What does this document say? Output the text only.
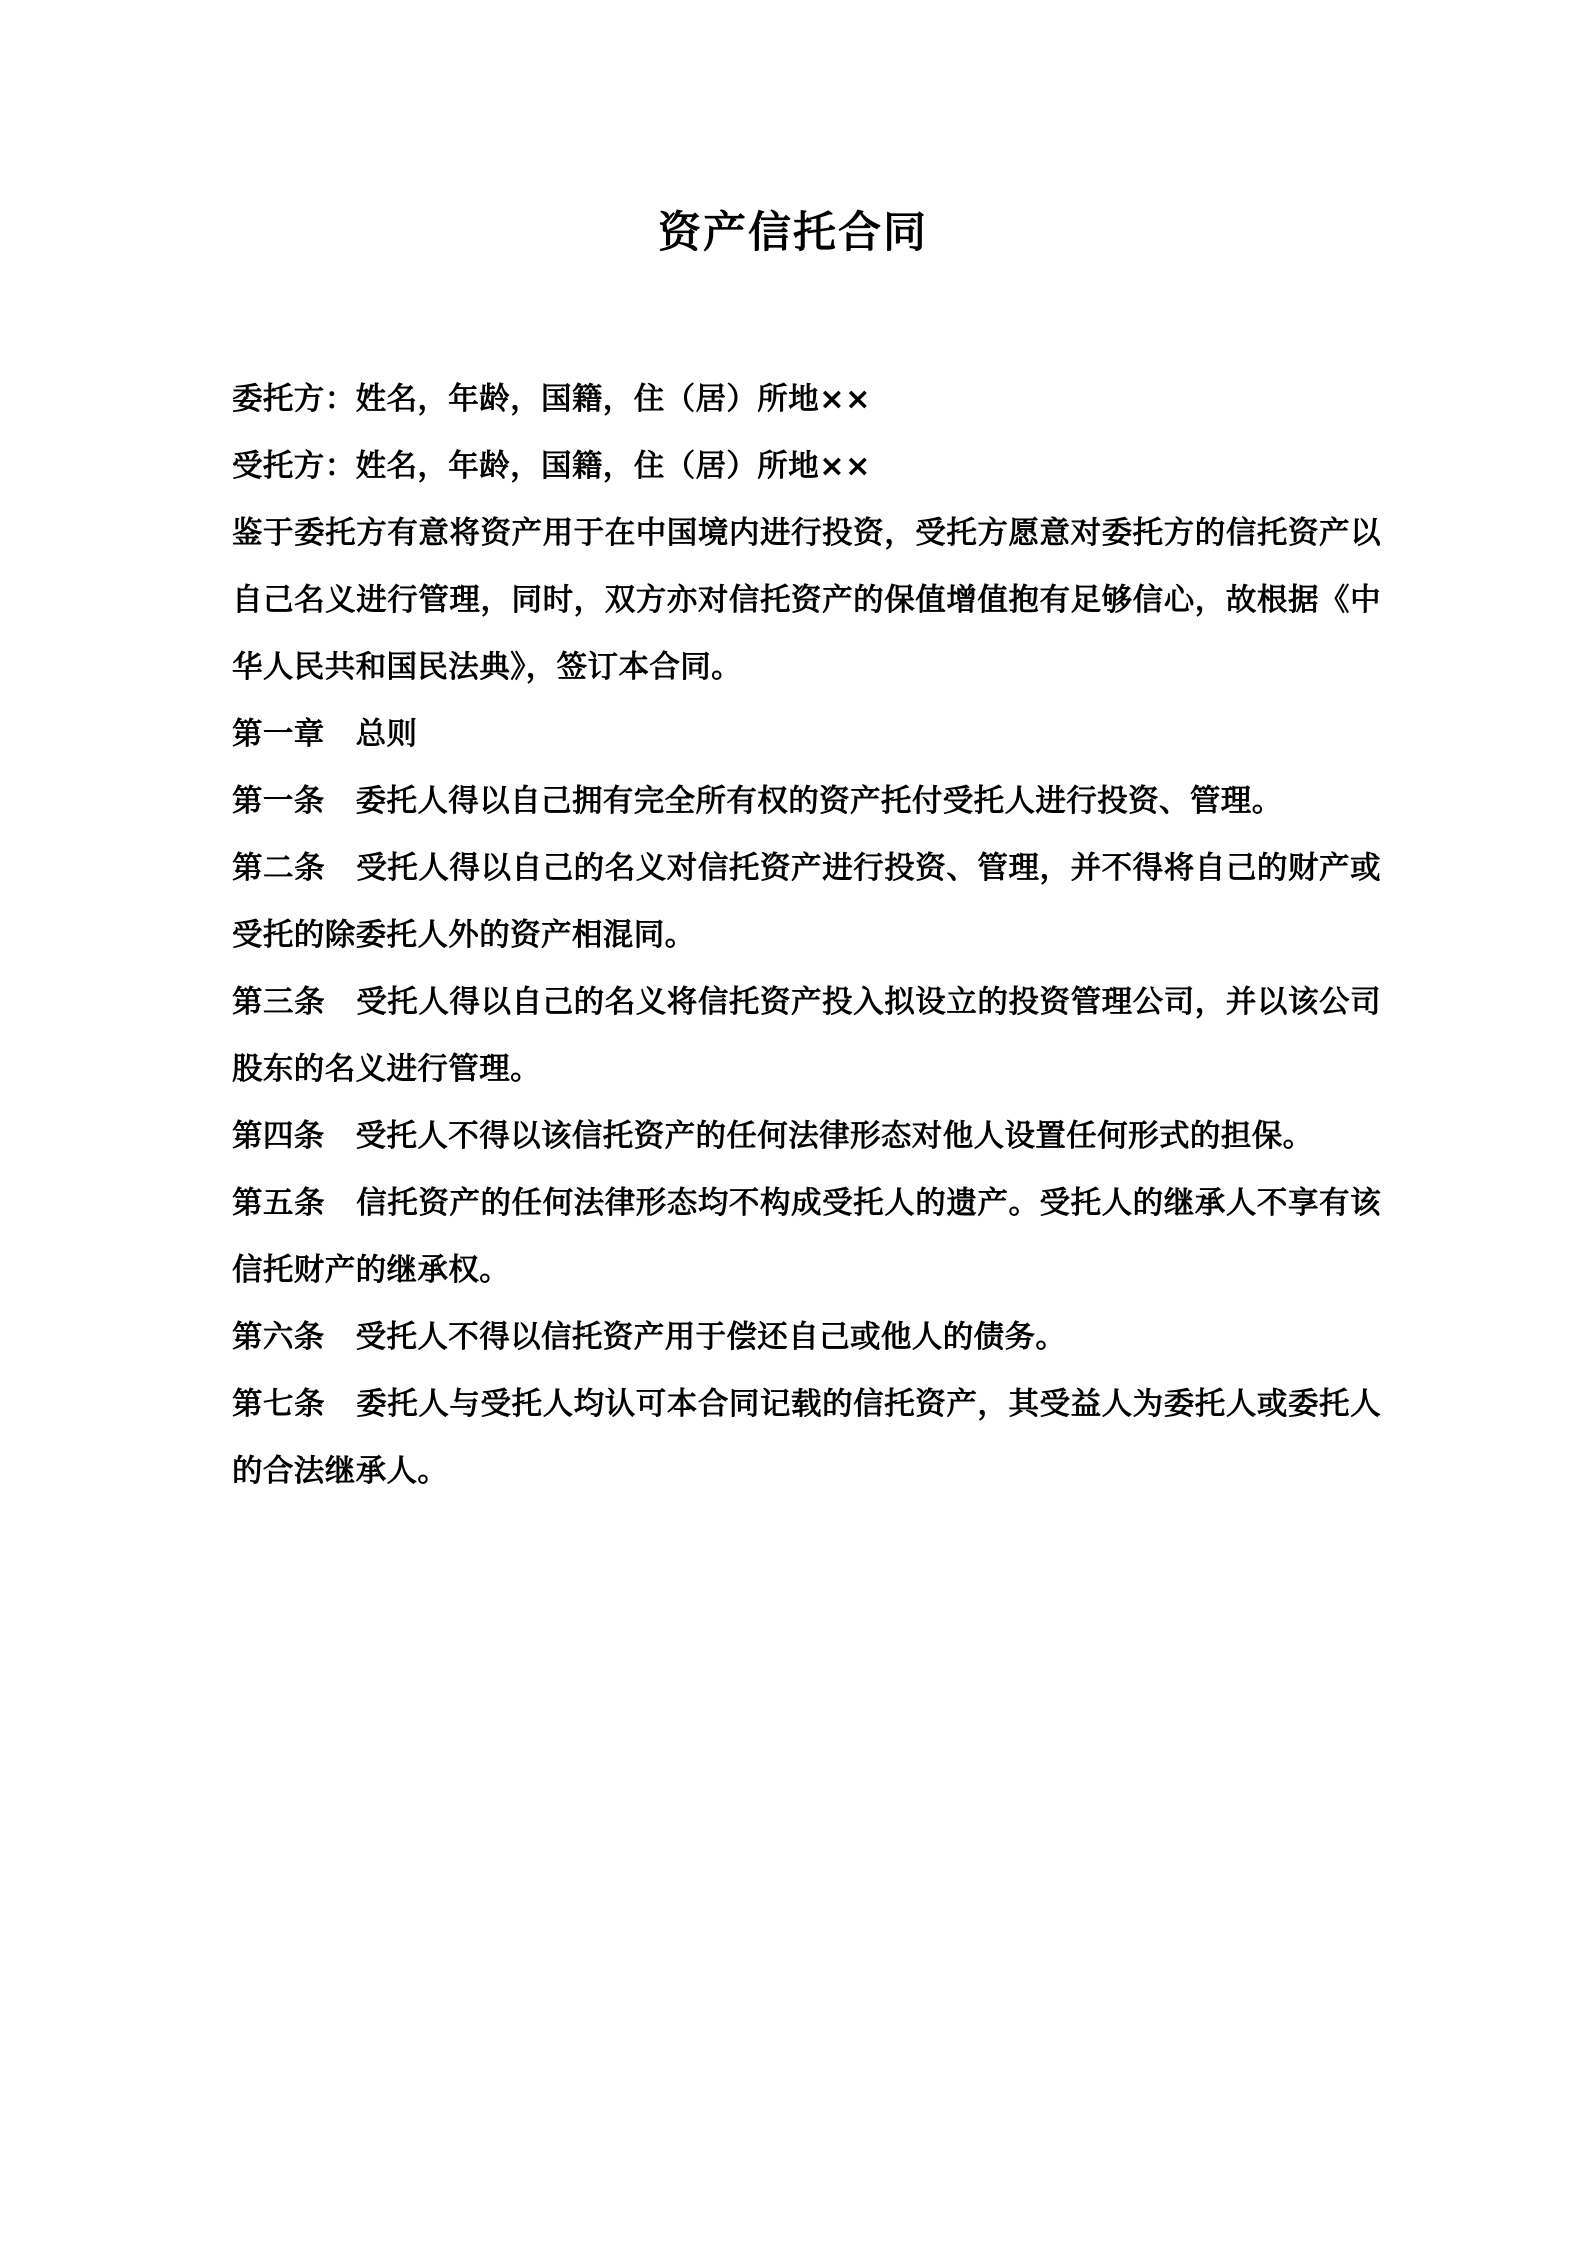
资产信托合同

委托方：姓名，年龄，国籍，住（居）所地××

受托方：姓名，年龄，国籍，住（居）所地××

鉴于委托方有意将资产用于在中国境内进行投资，受托方愿意对委托方的信托资产以自己名义进行管理，同时，双方亦对信托资产的保值增值抱有足够信心，故根据《中华人民共和国民法典》，签订本合同。

第一章　总则

第一条　委托人得以自己拥有完全所有权的资产托付受托人进行投资、管理。

第二条　受托人得以自己的名义对信托资产进行投资、管理，并不得将自己的财产或受托的除委托人外的资产相混同。

第三条　受托人得以自己的名义将信托资产投入拟设立的投资管理公司，并以该公司股东的名义进行管理。

第四条　受托人不得以该信托资产的任何法律形态对他人设置任何形式的担保。

第五条　信托资产的任何法律形态均不构成受托人的遗产。受托人的继承人不享有该信托财产的继承权。

第六条　受托人不得以信托资产用于偿还自己或他人的债务。

第七条　委托人与受托人均认可本合同记载的信托资产，其受益人为委托人或委托人的合法继承人。
